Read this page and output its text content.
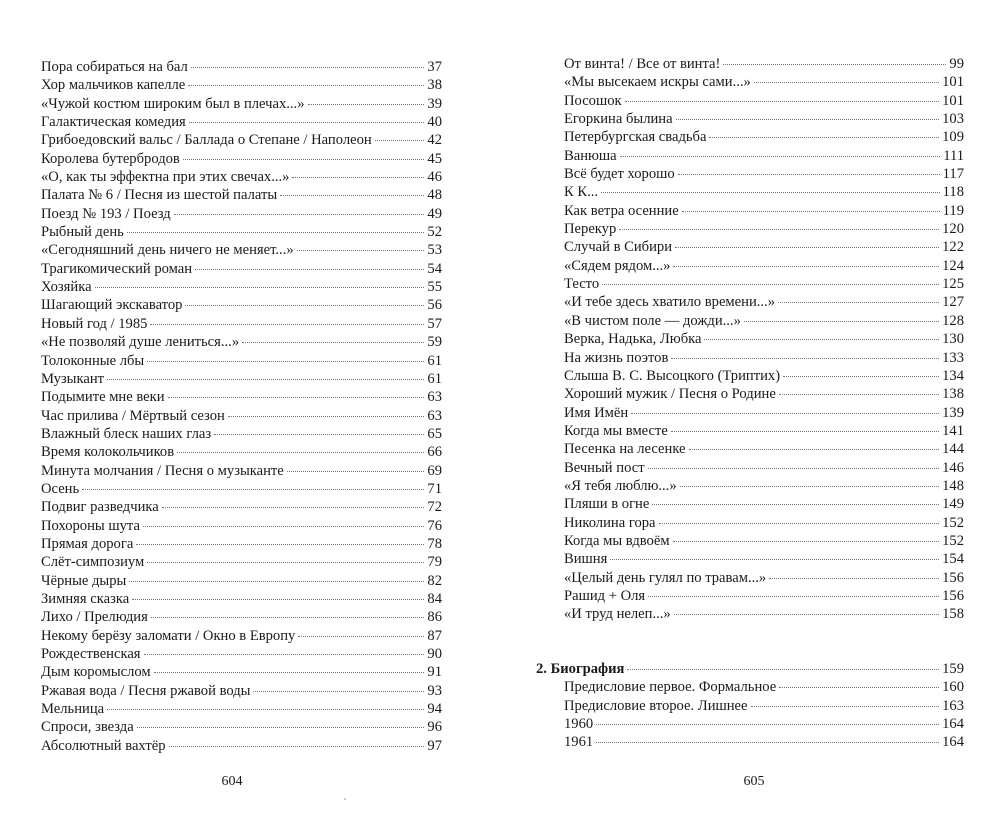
Пора собираться на бал	37
Хор мальчиков капелле	38
«Чужой костюм широким был в плечах...»	39
Галактическая комедия	40
Грибоедовский вальс / Баллада о Степане / Наполеон	42
Королева бутербродов	45
«О, как ты эффектна при этих свечах...»	46
Палата № 6 / Песня из шестой палаты	48
Поезд № 193 / Поезд	49
Рыбный день	52
«Сегодняшний день ничего не меняет...»	53
Трагикомический роман	54
Хозяйка	55
Шагающий экскаватор	56
Новый год / 1985	57
«Не позволяй душе лениться...»	59
Толоконные лбы	61
Музыкант	61
Подымите мне веки	63
Час прилива / Мёртвый сезон	63
Влажный блеск наших глаз	65
Время колокольчиков	66
Минута молчания / Песня о музыканте	69
Осень	71
Подвиг разведчика	72
Похороны шута	76
Прямая дорога	78
Слёт-симпозиум	79
Чёрные дыры	82
Зимняя сказка	84
Лихо / Прелюдия	86
Некому берёзу заломати / Окно в Европу	87
Рождественская	90
Дым коромыслом	91
Ржавая вода / Песня ржавой воды	93
Мельница	94
Спроси, звезда	96
Абсолютный вахтёр	97
604
От винта! / Все от винта!	99
«Мы высекаем искры сами...»	101
Посошок	101
Егоркина былина	103
Петербургская свадьба	109
Ванюша	111
Всё будет хорошо	117
К К...	118
Как ветра осенние	119
Перекур	120
Случай в Сибири	122
«Сядем рядом...»	124
Тесто	125
«И тебе здесь хватило времени...»	127
«В чистом поле — дожди...»	128
Верка, Надька, Любка	130
На жизнь поэтов	133
Слыша В. С. Высоцкого (Триптих)	134
Хороший мужик / Песня о Родине	138
Имя Имён	139
Когда мы вместе	141
Песенка на лесенке	144
Вечный пост	146
«Я тебя люблю...»	148
Пляши в огне	149
Николина гора	152
Когда мы вдвоём	152
Вишня	154
«Целый день гулял по травам...»	156
Рашид + Оля	156
«И труд нелеп...»	158
2. Биография	159
Предисловие первое. Формальное	160
Предисловие второе. Лишнее	163
1960	164
1961	164
605
